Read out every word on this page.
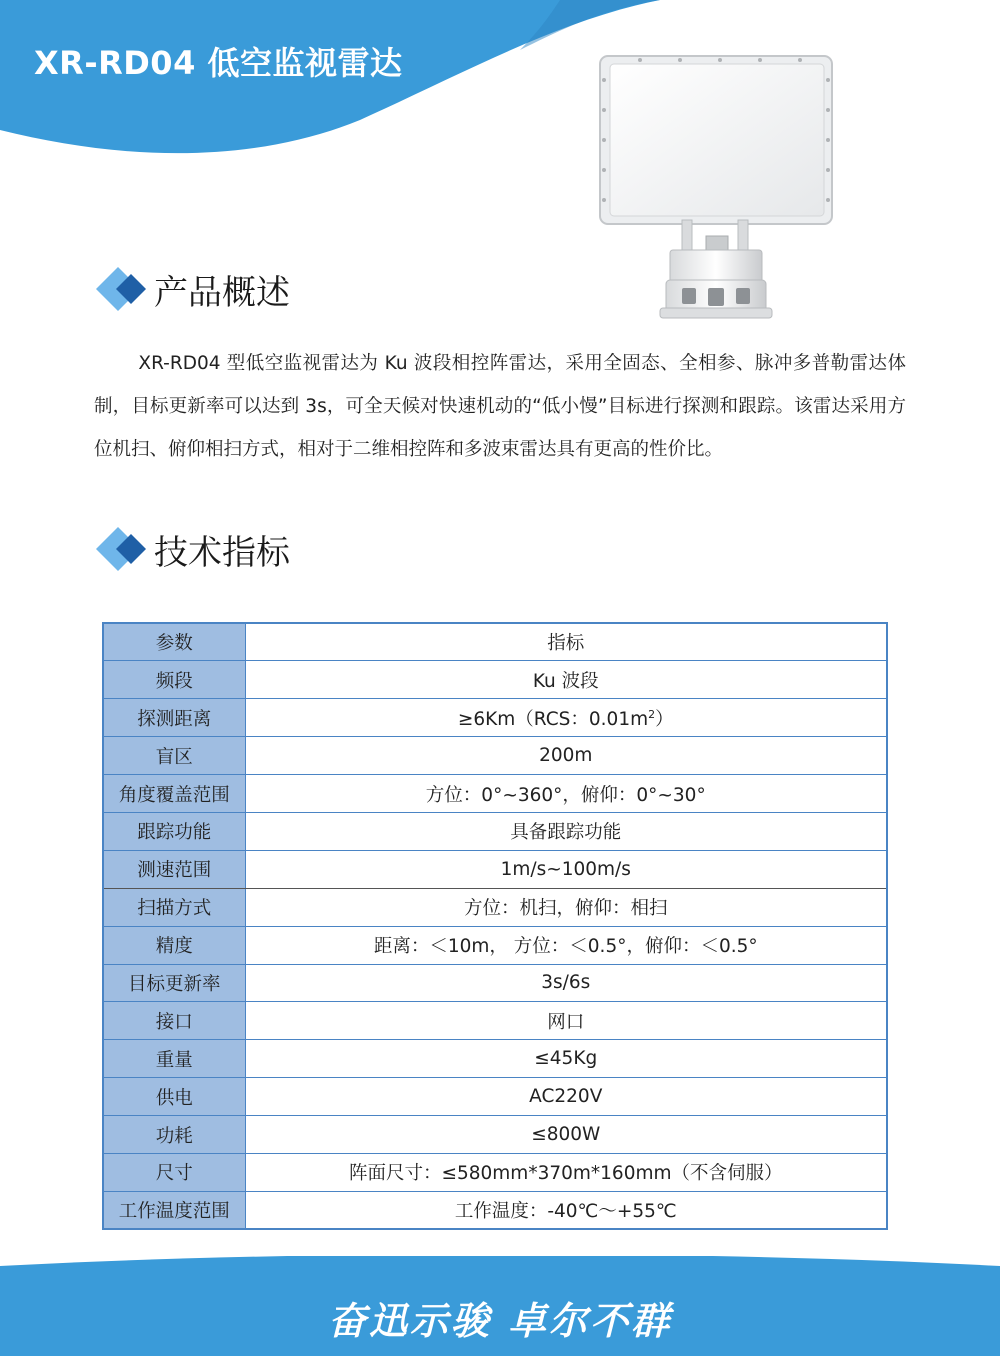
XR-RD04 低空监视雷达
产品概述

XR-RD04 型低空监视雷达为 Ku 波段相控阵雷达，采用全固态、全相参、脉冲多普勒雷达体制，目标更新率可以达到 3s，可全天候对快速机动的“低小慢”目标进行探测和跟踪。该雷达采用方位机扫、俯仰相扫方式，相对于二维相控阵和多波束雷达具有更高的性价比。

技术指标
参数	指标
频段	Ku 波段
探测距离	≥6Km（RCS：$0.01m^2$）
盲区	200m
角度覆盖范围	方位：0°~360°，俯仰：0°~30°
跟踪功能	具备跟踪功能
测速范围	1m/s~100m/s
扫描方式	方位：机扫，俯仰：相扫
精度	距离：＜10m， 方位：＜0.5°，俯仰：＜0.5°
目标更新率	3s/6s
接口	网口
重量	≤45Kg
供电	AC220V
功耗	≤800W
尺寸	阵面尺寸：≤580mm*370m*160mm（不含伺服）
工作温度范围	工作温度：-40℃～+55℃
奋迅示骏 卓尔不群
